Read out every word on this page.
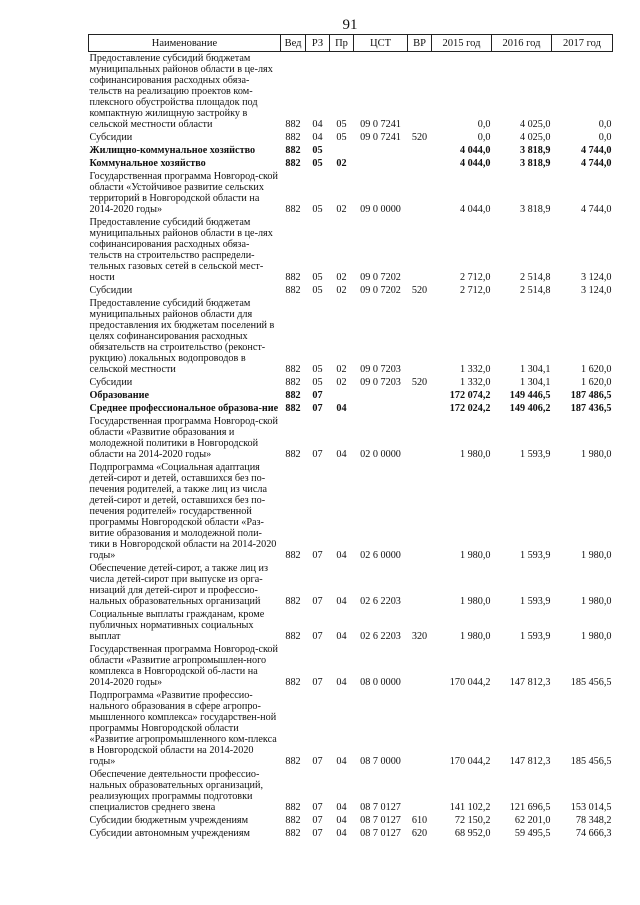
91
Наименование	Вед	РЗ	Пр	ЦСТ	ВР	2015 год	2016 год	2017 год
Предоставление субсидий бюджетам муниципальных районов области в це-лях софинансирования расходных обяза-тельств на реализацию проектов ком-плексного обустройства площадок под компактную жилищную застройку в сельской местности области	882	04	05	09 0 7241		0,0	4 025,0	0,0
Субсидии	882	04	05	09 0 7241	520	0,0	4 025,0	0,0
Жилищно-коммунальное хозяйство	882	05				4 044,0	3 818,9	4 744,0
Коммунальное хозяйство	882	05	02			4 044,0	3 818,9	4 744,0
Государственная программа Новгород-ской области «Устойчивое развитие сельских территорий в Новгородской области на 2014-2020 годы»	882	05	02	09 0 0000		4 044,0	3 818,9	4 744,0
Предоставление субсидий бюджетам муниципальных районов области в це-лях софинансирования расходных обяза-тельств на строительство распредели-тельных газовых сетей в сельской мест-ности	882	05	02	09 0 7202		2 712,0	2 514,8	3 124,0
Субсидии	882	05	02	09 0 7202	520	2 712,0	2 514,8	3 124,0
Предоставление субсидий бюджетам муниципальных районов области для предоставления их бюджетам поселений в целях софинансирования расходных обязательств на строительство (реконст-рукцию) локальных водопроводов в сельской местности	882	05	02	09 0 7203		1 332,0	1 304,1	1 620,0
Субсидии	882	05	02	09 0 7203	520	1 332,0	1 304,1	1 620,0
Образование	882	07				172 074,2	149 446,5	187 486,5
Среднее профессиональное образова-ние	882	07	04			172 024,2	149 406,2	187 436,5
Государственная программа Новгород-ской области «Развитие образования и молодежной политики в Новгородской области на 2014-2020 годы»	882	07	04	02 0 0000		1 980,0	1 593,9	1 980,0
Подпрограмма «Социальная адаптация детей-сирот и детей, оставшихся без по-печения родителей, а также лиц из числа детей-сирот и детей, оставшихся без по-печения родителей» государственной программы Новгородской области «Раз-витие образования и молодежной поли-тики в Новгородской области на 2014-2020 годы»	882	07	04	02 6 0000		1 980,0	1 593,9	1 980,0
Обеспечение детей-сирот, а также лиц из числа детей-сирот при выпуске из орга-низаций для детей-сирот и профессио-нальных образовательных организаций	882	07	04	02 6 2203		1 980,0	1 593,9	1 980,0
Социальные выплаты гражданам, кроме публичных нормативных социальных выплат	882	07	04	02 6 2203	320	1 980,0	1 593,9	1 980,0
Государственная программа Новгород-ской области «Развитие агропромышлен-ного комплекса в Новгородской об-ласти на 2014-2020 годы»	882	07	04	08 0 0000		170 044,2	147 812,3	185 456,5
Подпрограмма «Развитие профессио-нального образования в сфере агропро-мышленного комплекса» государствен-ной программы Новгородской области «Развитие агропромышленного ком-плекса в Новгородской области на 2014-2020 годы»	882	07	04	08 7 0000		170 044,2	147 812,3	185 456,5
Обеспечение деятельности профессио-нальных образовательных организаций, реализующих программы подготовки специалистов среднего звена	882	07	04	08 7 0127		141 102,2	121 696,5	153 014,5
Субсидии бюджетным учреждениям	882	07	04	08 7 0127	610	72 150,2	62 201,0	78 348,2
Субсидии автономным учреждениям	882	07	04	08 7 0127	620	68 952,0	59 495,5	74 666,3
